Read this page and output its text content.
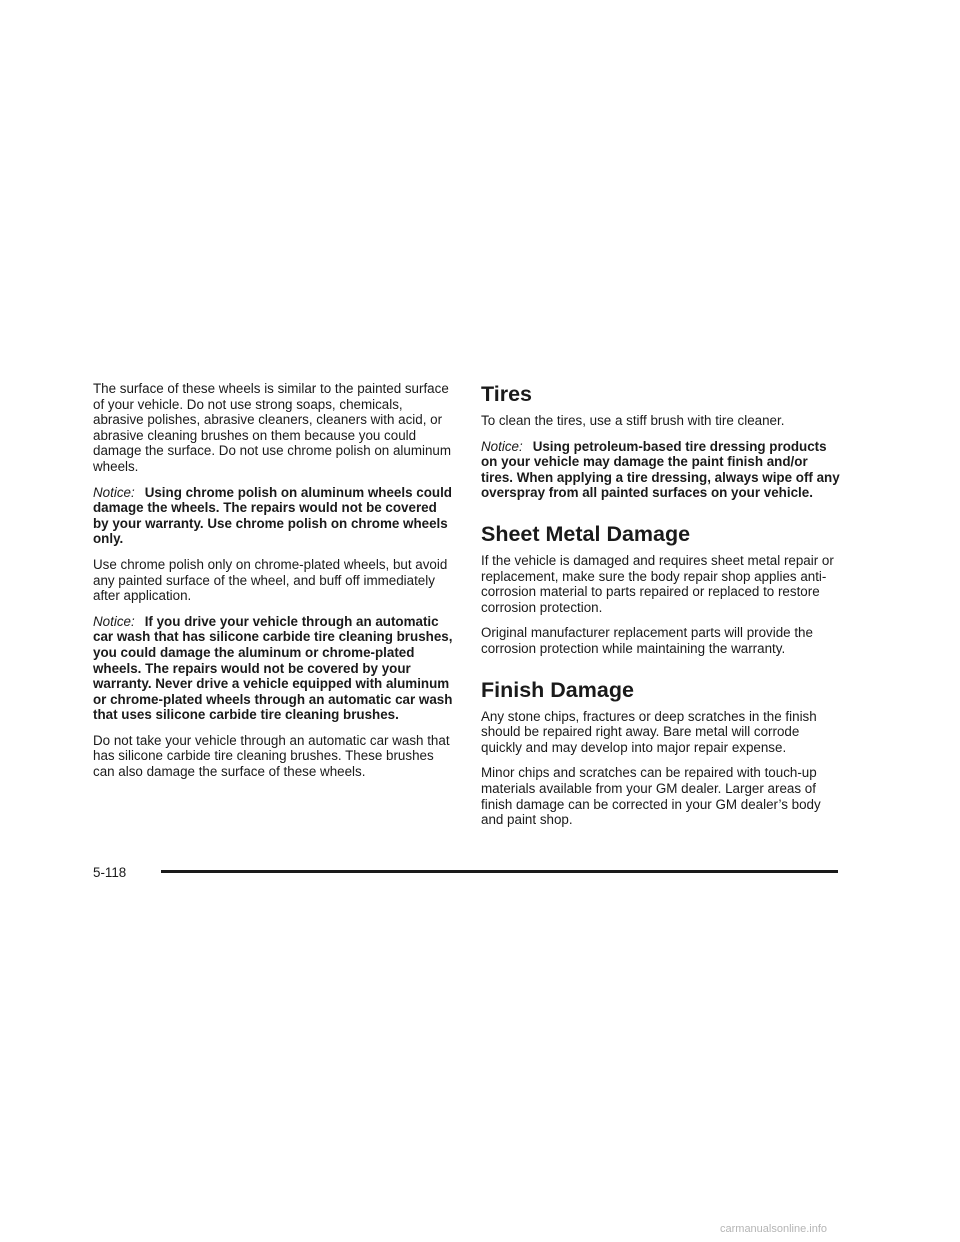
The surface of these wheels is similar to the painted surface of your vehicle. Do not use strong soaps, chemicals, abrasive polishes, abrasive cleaners, cleaners with acid, or abrasive cleaning brushes on them because you could damage the surface. Do not use chrome polish on aluminum wheels.

Notice: Using chrome polish on aluminum wheels could damage the wheels. The repairs would not be covered by your warranty. Use chrome polish on chrome wheels only.

Use chrome polish only on chrome-plated wheels, but avoid any painted surface of the wheel, and buff off immediately after application.

Notice: If you drive your vehicle through an automatic car wash that has silicone carbide tire cleaning brushes, you could damage the aluminum or chrome-plated wheels. The repairs would not be covered by your warranty. Never drive a vehicle equipped with aluminum or chrome-plated wheels through an automatic car wash that uses silicone carbide tire cleaning brushes.

Do not take your vehicle through an automatic car wash that has silicone carbide tire cleaning brushes. These brushes can also damage the surface of these wheels.

Tires

To clean the tires, use a stiff brush with tire cleaner.

Notice: Using petroleum-based tire dressing products on your vehicle may damage the paint finish and/or tires. When applying a tire dressing, always wipe off any overspray from all painted surfaces on your vehicle.

Sheet Metal Damage

If the vehicle is damaged and requires sheet metal repair or replacement, make sure the body repair shop applies anti-corrosion material to parts repaired or replaced to restore corrosion protection.

Original manufacturer replacement parts will provide the corrosion protection while maintaining the warranty.

Finish Damage

Any stone chips, fractures or deep scratches in the finish should be repaired right away. Bare metal will corrode quickly and may develop into major repair expense.

Minor chips and scratches can be repaired with touch-up materials available from your GM dealer. Larger areas of finish damage can be corrected in your GM dealer’s body and paint shop.

5-118
carmanualsonline.info
